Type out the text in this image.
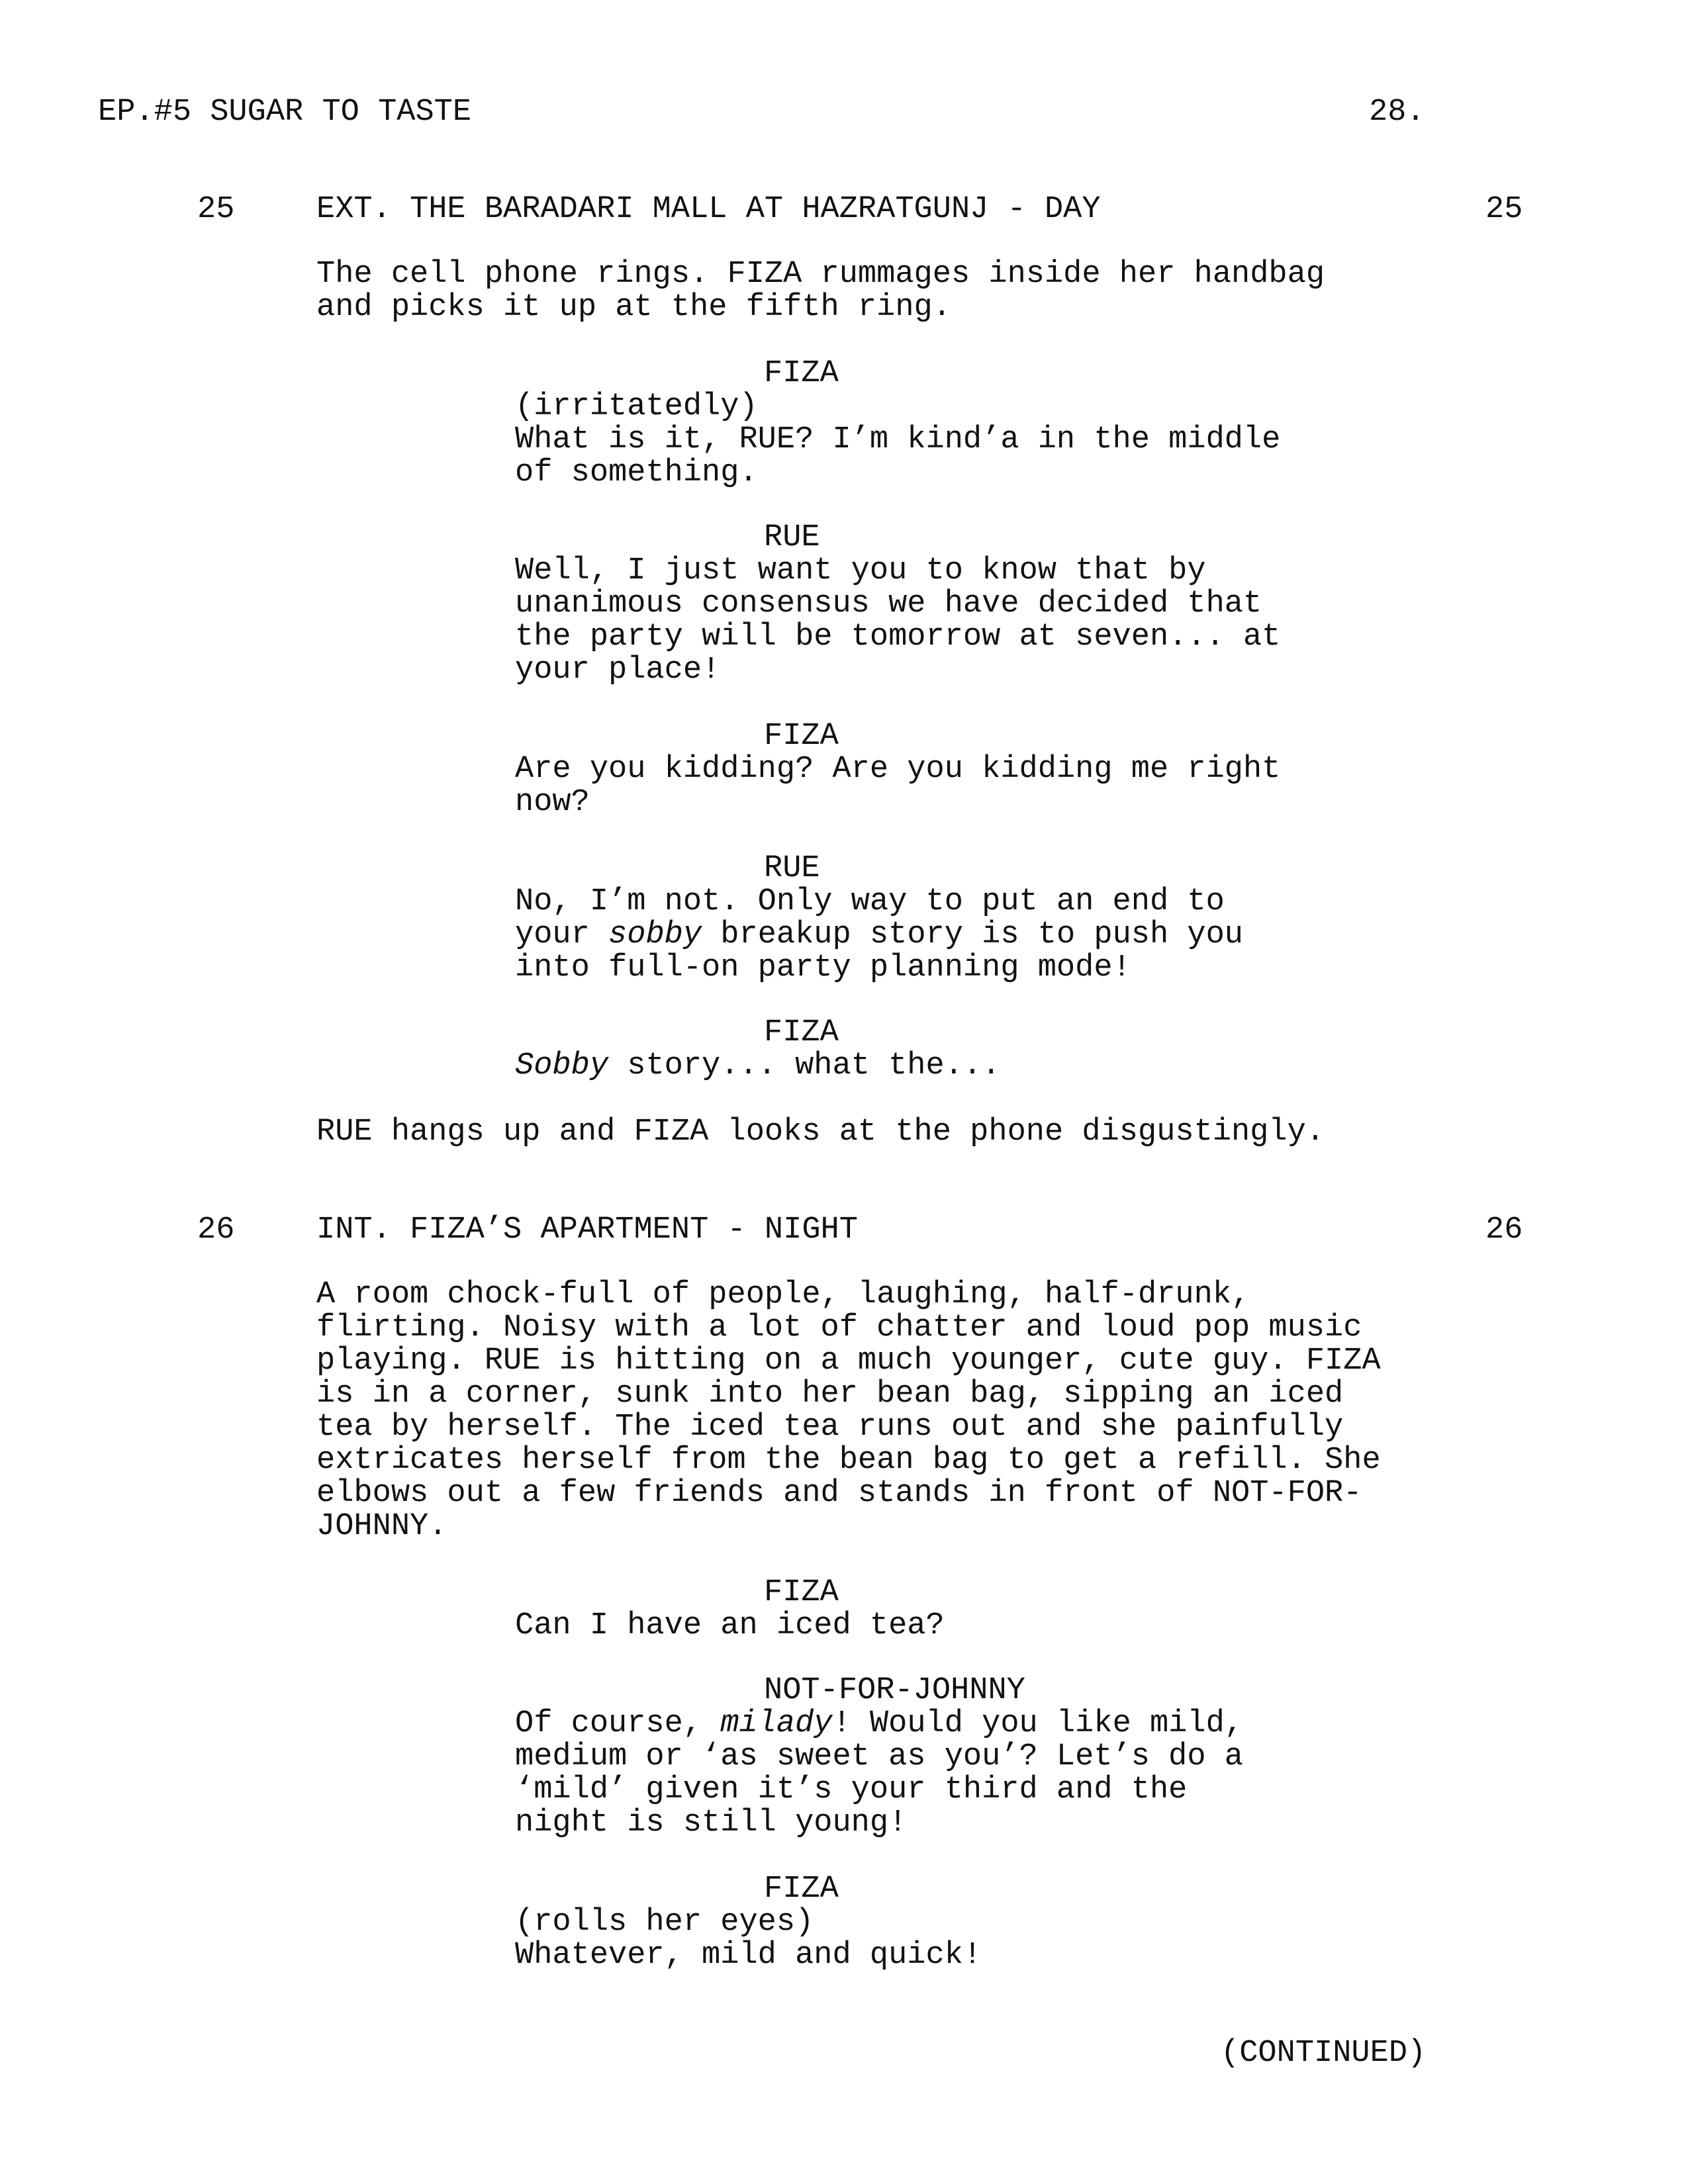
EP.#5 SUGAR TO TASTE	28.
25	EXT. THE BARADARI MALL AT HAZRATGUNJ - DAY	25
The cell phone rings. FIZA rummages inside her handbag
and picks it up at the fifth ring.
FIZA
(irritatedly)
What is it, RUE? I’m kind’a in the middle
of something.
RUE
Well, I just want you to know that by
unanimous consensus we have decided that
the party will be tomorrow at seven... at
your place!
FIZA
Are you kidding? Are you kidding me right
now?
RUE
No, I’m not. Only way to put an end to
your sobby breakup story is to push you
into full-on party planning mode!
FIZA
Sobby story... what the...
RUE hangs up and FIZA looks at the phone disgustingly.
26	INT. FIZA’S APARTMENT - NIGHT	26
A room chock-full of people, laughing, half-drunk,
flirting. Noisy with a lot of chatter and loud pop music
playing. RUE is hitting on a much younger, cute guy. FIZA
is in a corner, sunk into her bean bag, sipping an iced
tea by herself. The iced tea runs out and she painfully
extricates herself from the bean bag to get a refill. She
elbows out a few friends and stands in front of NOT-FOR-
JOHNNY.
FIZA
Can I have an iced tea?
NOT-FOR-JOHNNY
Of course, milady! Would you like mild,
medium or ‘as sweet as you’? Let’s do a
‘mild’ given it’s your third and the
night is still young!
FIZA
(rolls her eyes)
Whatever, mild and quick!
(CONTINUED)
